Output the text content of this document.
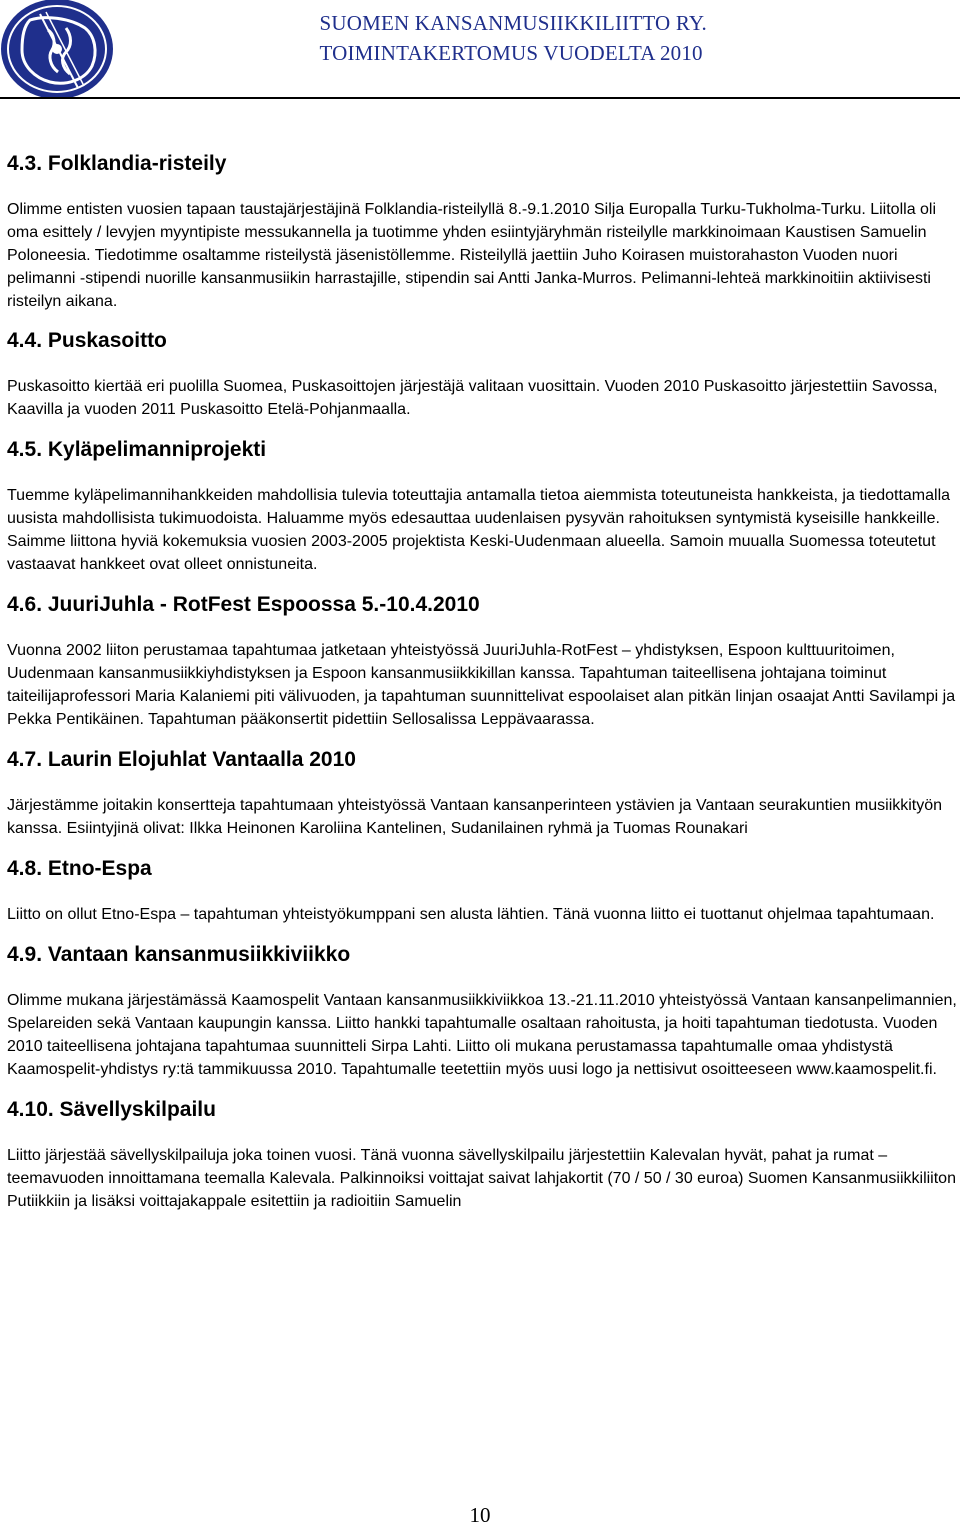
SUOMEN KANSANMUSIIKKILIITTO RY.
TOIMINTAKERTOMUS VUODELTA 2010
4.3. Folklandia-risteily

Olimme entisten vuosien tapaan taustajärjestäjinä Folklandia-risteilyllä 8.-9.1.2010 Silja Europalla Turku-Tukholma-Turku. Liitolla oli oma esittely / levyjen myyntipiste messukannella ja tuotimme yhden esiintyjäryhmän risteilylle markkinoimaan Kaustisen Samuelin Poloneesia. Tiedotimme osaltamme risteilystä jäsenistöllemme. Risteilyllä jaettiin Juho Koirasen muistorahaston Vuoden nuori pelimanni -stipendi nuorille kansanmusiikin harrastajille, stipendin sai Antti Janka-Murros. Pelimanni-lehteä markkinoitiin aktiivisesti risteilyn aikana.

4.4. Puskasoitto

Puskasoitto kiertää eri puolilla Suomea, Puskasoittojen järjestäjä valitaan vuosittain. Vuoden 2010 Puskasoitto järjestettiin Savossa, Kaavilla ja vuoden 2011 Puskasoitto Etelä-Pohjanmaalla.

4.5. Kyläpelimanniprojekti

Tuemme kyläpelimannihankkeiden mahdollisia tulevia toteuttajia antamalla tietoa aiemmista toteutuneista hankkeista, ja tiedottamalla uusista mahdollisista tukimuodoista. Haluamme myös edesauttaa uudenlaisen pysyvän rahoituksen syntymistä kyseisille hankkeille. Saimme liittona hyviä kokemuksia vuosien 2003-2005 projektista Keski-Uudenmaan alueella. Samoin muualla Suomessa toteutetut vastaavat hankkeet ovat olleet onnistuneita.

4.6. JuuriJuhla - RotFest Espoossa 5.-10.4.2010

Vuonna 2002 liiton perustamaa tapahtumaa jatketaan yhteistyössä JuuriJuhla-RotFest – yhdistyksen, Espoon kulttuuritoimen, Uudenmaan kansanmusiikkiyhdistyksen ja Espoon kansanmusiikkikillan kanssa. Tapahtuman taiteellisena johtajana toiminut taiteilijaprofessori Maria Kalaniemi piti välivuoden, ja tapahtuman suunnittelivat espoolaiset alan pitkän linjan osaajat Antti Savilampi ja Pekka Pentikäinen. Tapahtuman pääkonsertit pidettiin Sellosalissa Leppävaarassa.

4.7. Laurin Elojuhlat Vantaalla 2010

Järjestämme joitakin konsertteja tapahtumaan yhteistyössä Vantaan kansanperinteen ystävien ja Vantaan seurakuntien musiikkityön kanssa. Esiintyjinä olivat: Ilkka Heinonen Karoliina Kantelinen, Sudanilainen ryhmä ja Tuomas Rounakari

4.8. Etno-Espa

Liitto on ollut Etno-Espa – tapahtuman yhteistyökumppani sen alusta lähtien. Tänä vuonna liitto ei tuottanut ohjelmaa tapahtumaan.

4.9. Vantaan kansanmusiikkiviikko

Olimme mukana järjestämässä Kaamospelit Vantaan kansanmusiikkiviikkoa 13.-21.11.2010 yhteistyössä Vantaan kansanpelimannien, Spelareiden sekä Vantaan kaupungin kanssa. Liitto hankki tapahtumalle osaltaan rahoitusta, ja hoiti tapahtuman tiedotusta. Vuoden 2010 taiteellisena johtajana tapahtumaa suunnitteli Sirpa Lahti. Liitto oli mukana perustamassa tapahtumalle omaa yhdistystä Kaamospelit-yhdistys ry:tä tammikuussa 2010. Tapahtumalle teetettiin myös uusi logo ja nettisivut osoitteeseen www.kaamospelit.fi.

4.10. Sävellyskilpailu

Liitto järjestää sävellyskilpailuja joka toinen vuosi. Tänä vuonna sävellyskilpailu järjestettiin Kalevalan hyvät, pahat ja rumat –teemavuoden innoittamana teemalla Kalevala. Palkinnoiksi voittajat saivat lahjakortit (70 / 50 / 30 euroa) Suomen Kansanmusiikkiliiton Putiikkiin ja lisäksi voittajakappale esitettiin ja radioitiin Samuelin

10
